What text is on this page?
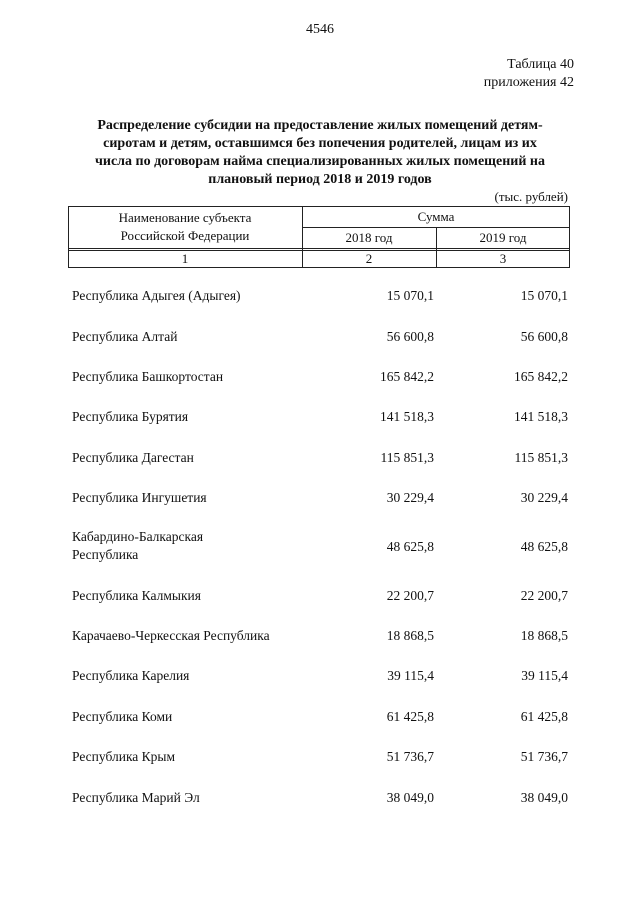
4546
Таблица 40
приложения 42
Распределение субсидии на предоставление жилых помещений детям-
сиротам и детям, оставшимся без попечения родителей, лицам из их
числа по договорам найма специализированных жилых помещений на
плановый период 2018 и 2019 годов
(тыс. рублей)
Наименование субъекта
Российской Федерации
Сумма
2018 год	2019 год
1	2	3
Республика Адыгея (Адыгея)	15 070,1	15 070,1
Республика Алтай	56 600,8	56 600,8
Республика Башкортостан	165 842,2	165 842,2
Республика Бурятия	141 518,3	141 518,3
Республика Дагестан	115 851,3	115 851,3
Республика Ингушетия	30 229,4	30 229,4
Кабардино-Балкарская
Республика
48 625,8	48 625,8
Республика Калмыкия	22 200,7	22 200,7
Карачаево-Черкесская Республика	18 868,5	18 868,5
Республика Карелия	39 115,4	39 115,4
Республика Коми	61 425,8	61 425,8
Республика Крым	51 736,7	51 736,7
Республика Марий Эл	38 049,0	38 049,0
